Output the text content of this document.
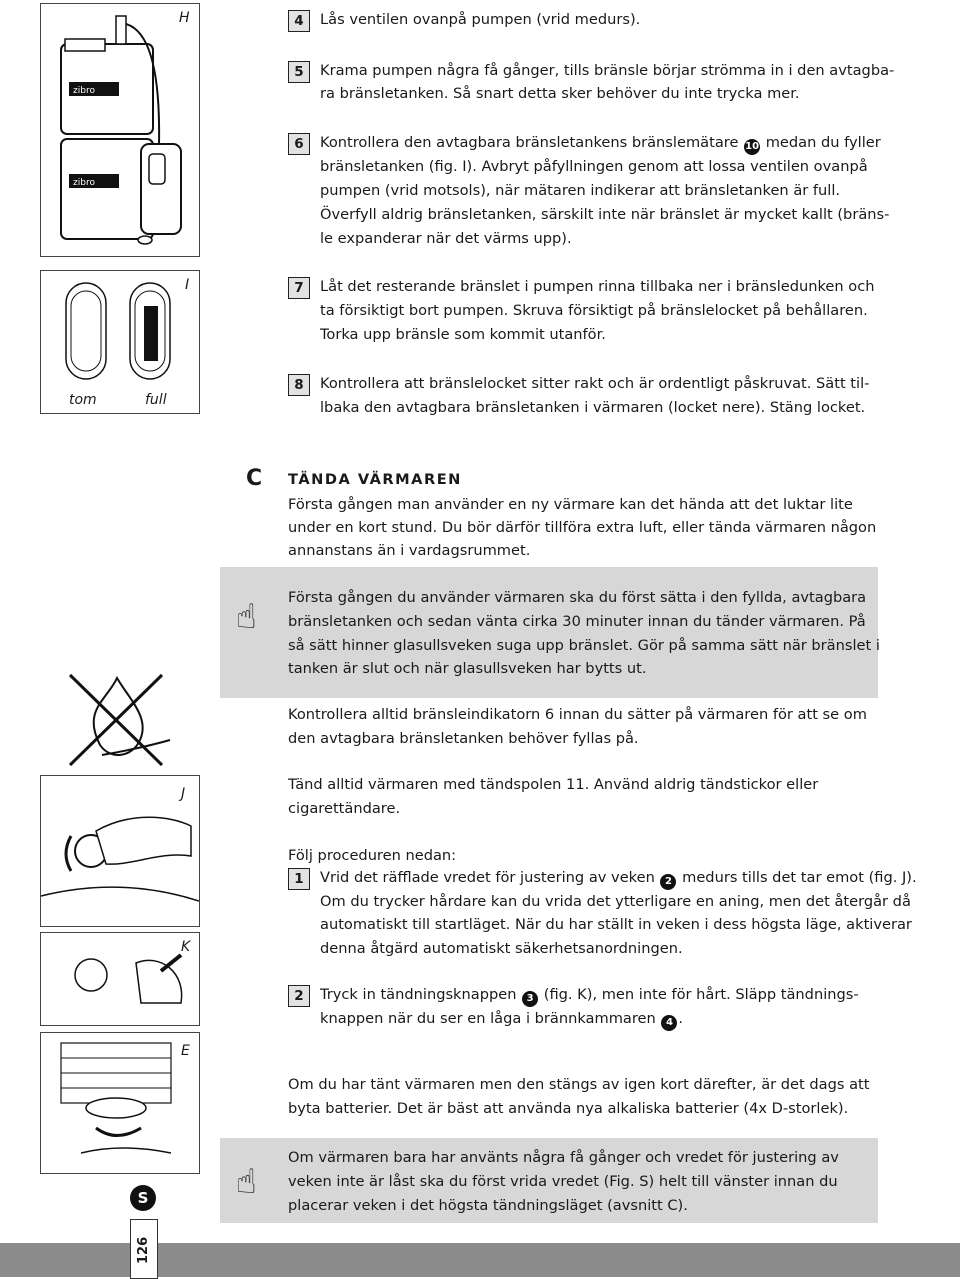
H
zibro
zibro
I
tom	full
J
K
E
4	Lås ventilen ovanpå pumpen (vrid medurs).
5	Krama pumpen några få gånger, tills bränsle börjar strömma in i den avtagba-
ra bränsletanken. Så snart detta sker behöver du inte trycka mer.
6	Kontrollera den avtagbara bränsletankens bränslemätare 10 medan du fyller
bränsletanken (fig. I). Avbryt påfyllningen genom att lossa ventilen ovanpå
pumpen (vrid motsols), när mätaren indikerar att bränsletanken är full.
Överfyll aldrig bränsletanken, särskilt inte när bränslet är mycket kallt (bräns-
le expanderar när det värms upp).
7	Låt det resterande bränslet i pumpen rinna tillbaka ner i bränsledunken och
ta försiktigt bort pumpen. Skruva försiktigt på bränslelocket på behållaren.
Torka upp bränsle som kommit utanför.
8	Kontrollera att bränslelocket sitter rakt och är ordentligt påskruvat. Sätt til-
lbaka den avtagbara bränsletanken i värmaren (locket nere). Stäng locket.
C TÄNDA VÄRMAREN
Första gången man använder en ny värmare kan det hända att det luktar lite
under en kort stund. Du bör därför tillföra extra luft, eller tända värmaren någon
annanstans än i vardagsrummet.
☝ Första gången du använder värmaren ska du först sätta i den fyllda, avtagbara
bränsletanken och sedan vänta cirka 30 minuter innan du tänder värmaren. På
så sätt hinner glasullsveken suga upp bränslet. Gör på samma sätt när bränslet i
tanken är slut och när glasullsveken har bytts ut.
Kontrollera alltid bränsleindikatorn 6 innan du sätter på värmaren för att se om
den avtagbara bränsletanken behöver fyllas på.
Tänd alltid värmaren med tändspolen 11. Använd aldrig tändstickor eller
cigarettändare.
Följ proceduren nedan:
1	Vrid det räfflade vredet för justering av veken 2 medurs tills det tar emot (fig. J).
Om du trycker hårdare kan du vrida det ytterligare en aning, men det återgår då
automatiskt till startläget. När du har ställt in veken i dess högsta läge, aktiverar
denna åtgärd automatiskt säkerhetsanordningen.
2	Tryck in tändningsknappen 3 (fig. K), men inte för hårt. Släpp tändnings-
knappen när du ser en låga i brännkammaren 4 .
Om du har tänt värmaren men den stängs av igen kort därefter, är det dags att
byta batterier. Det är bäst att använda nya alkaliska batterier (4x D-storlek).
☝
Om värmaren bara har använts några få gånger och vredet för justering av
veken inte är låst ska du först vrida vredet (Fig. S) helt till vänster innan du
placerar veken i det högsta tändningsläget (avsnitt C).
S
126
